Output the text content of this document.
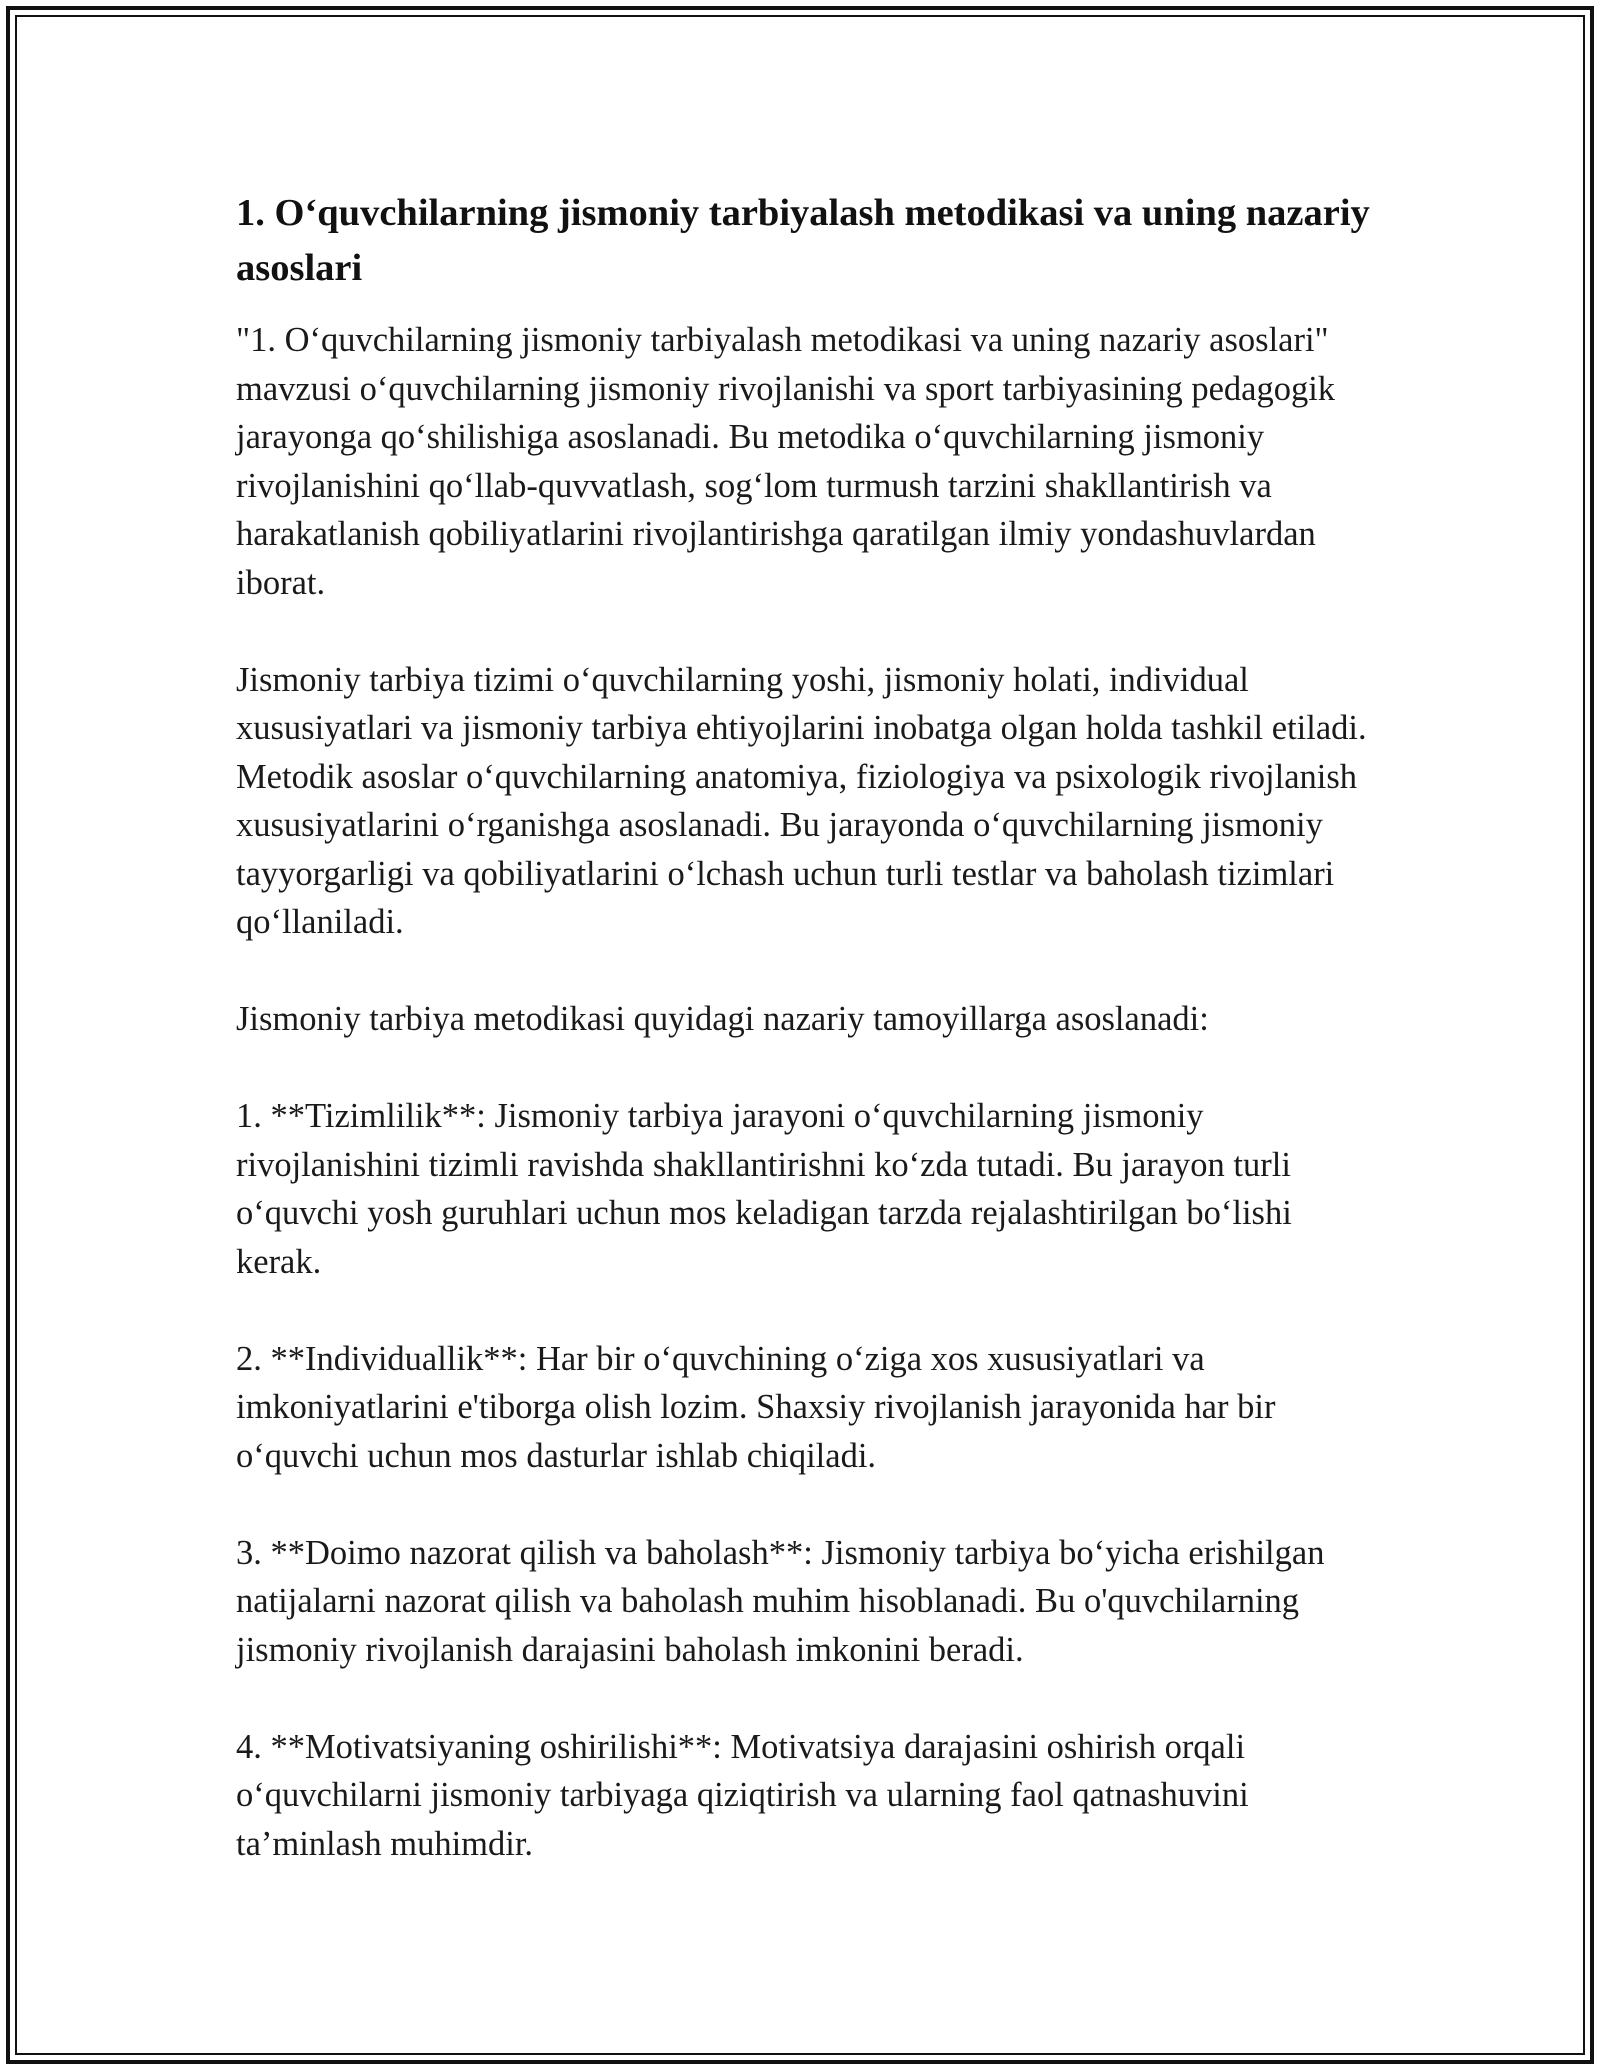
1. O‘quvchilarning jismoniy tarbiyalash metodikasi va uning nazariy asoslari

"1. O‘quvchilarning jismoniy tarbiyalash metodikasi va uning nazariy asoslari" mavzusi o‘quvchilarning jismoniy rivojlanishi va sport tarbiyasining pedagogik jarayonga qo‘shilishiga asoslanadi. Bu metodika o‘quvchilarning jismoniy rivojlanishini qo‘llab-quvvatlash, sog‘lom turmush tarzini shakllantirish va harakatlanish qobiliyatlarini rivojlantirishga qaratilgan ilmiy yondashuvlardan iborat.

Jismoniy tarbiya tizimi o‘quvchilarning yoshi, jismoniy holati, individual xususiyatlari va jismoniy tarbiya ehtiyojlarini inobatga olgan holda tashkil etiladi. Metodik asoslar o‘quvchilarning anatomiya, fiziologiya va psixologik rivojlanish xususiyatlarini o‘rganishga asoslanadi. Bu jarayonda o‘quvchilarning jismoniy tayyorgarligi va qobiliyatlarini o‘lchash uchun turli testlar va baholash tizimlari qo‘llaniladi.

Jismoniy tarbiya metodikasi quyidagi nazariy tamoyillarga asoslanadi:

1. **Tizimlilik**: Jismoniy tarbiya jarayoni o‘quvchilarning jismoniy rivojlanishini tizimli ravishda shakllantirishni ko‘zda tutadi. Bu jarayon turli o‘quvchi yosh guruhlari uchun mos keladigan tarzda rejalashtirilgan bo‘lishi kerak.

2. **Individuallik**: Har bir o‘quvchining o‘ziga xos xususiyatlari va imkoniyatlarini e'tiborga olish lozim. Shaxsiy rivojlanish jarayonida har bir o‘quvchi uchun mos dasturlar ishlab chiqiladi.

3. **Doimo nazorat qilish va baholash**: Jismoniy tarbiya bo‘yicha erishilgan natijalarni nazorat qilish va baholash muhim hisoblanadi. Bu o'quvchilarning jismoniy rivojlanish darajasini baholash imkonini beradi.

4. **Motivatsiyaning oshirilishi**: Motivatsiya darajasini oshirish orqali o‘quvchilarni jismoniy tarbiyaga qiziqtirish va ularning faol qatnashuvini ta’minlash muhimdir.
